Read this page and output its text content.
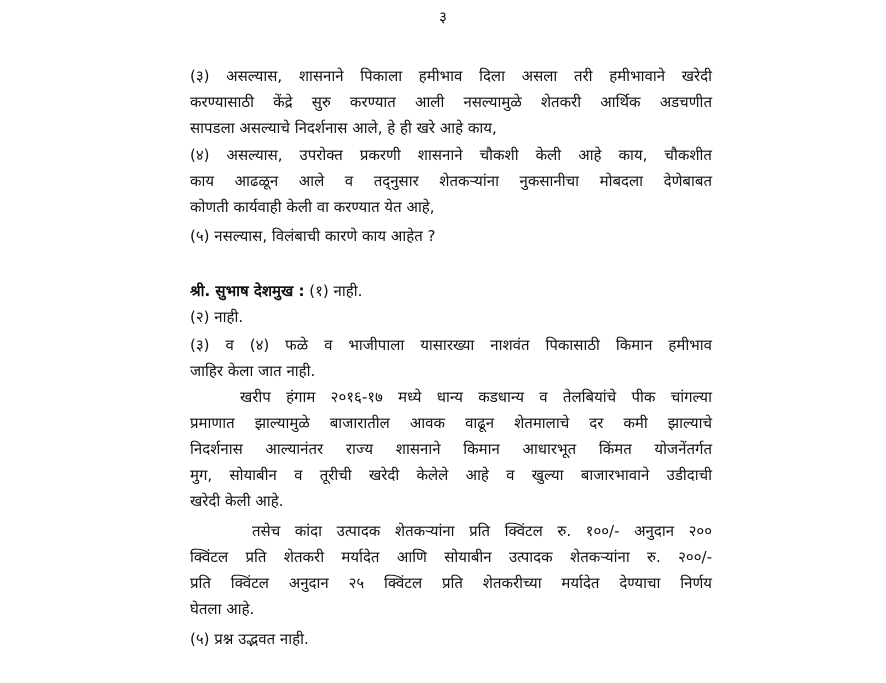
३
(३) असल्यास, शासनाने पिकाला हमीभाव दिला असला तरी हमीभावाने खरेदी
करण्यासाठी केंद्रे सुरु करण्यात आली नसल्यामुळे शेतकरी आर्थिक अडचणीत
सापडला असल्याचे निदर्शनास आले, हे ही खरे आहे काय,
(४) असल्यास, उपरोक्त प्रकरणी शासनाने चौकशी केली आहे काय, चौकशीत
काय आढळून आले व तद्नुसार शेतकऱ्यांना नुकसानीचा मोबदला देणेबाबत
कोणती कार्यवाही केली वा करण्यात येत आहे,
(५) नसल्यास, विलंबाची कारणे काय आहेत ?
श्री. सुभाष देशमुख : (१) नाही.
(२) नाही.
(३) व (४) फळे व भाजीपाला यासारख्या नाशवंत पिकासाठी किमान हमीभाव
जाहिर केला जात नाही.
खरीप हंगाम २०१६-१७ मध्ये धान्य कडधान्य व तेलबियांचे पीक चांगल्या
प्रमाणात झाल्यामुळे बाजारातील आवक वाढून शेतमालाचे दर कमी झाल्याचे
निदर्शनास आल्यानंतर राज्य शासनाने किमान आधारभूत किंमत योजनेंतर्गत
मुग, सोयाबीन व तूरीची खरेदी केलेले आहे व खुल्या बाजारभावाने उडीदाची
खरेदी केली आहे.
तसेच कांदा उत्पादक शेतकऱ्यांना प्रति क्विंटल रु. १००/- अनुदान २००
क्विंटल प्रति शेतकरी मर्यादेत आणि सोयाबीन उत्पादक शेतकऱ्यांना रु. २००/-
प्रति क्विंटल अनुदान २५ क्विंटल प्रति शेतकरीच्या मर्यादेत देण्याचा निर्णय
घेतला आहे.
(५) प्रश्न उद्भवत नाही.
